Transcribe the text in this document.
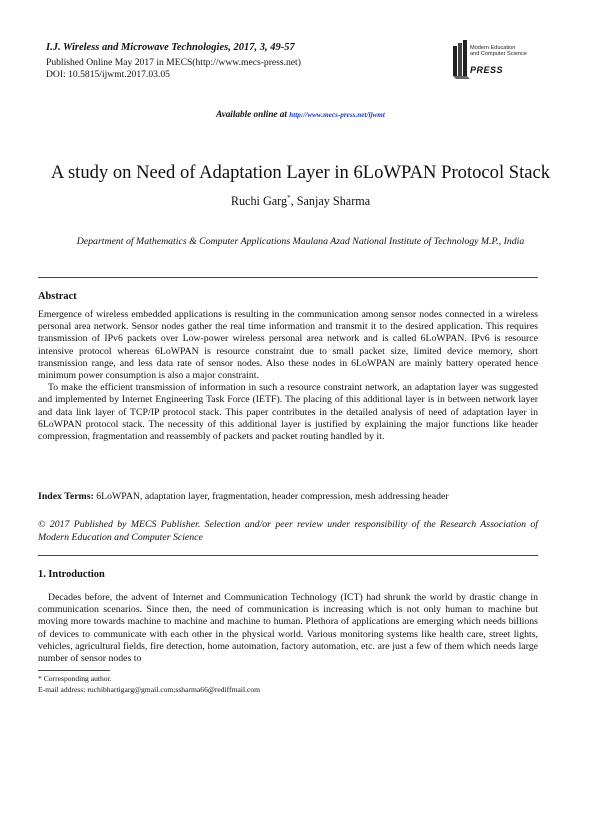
I.J. Wireless and Microwave Technologies, 2017, 3, 49-57
Published Online May 2017 in MECS(http://www.mecs-press.net)
DOI: 10.5815/ijwmt.2017.03.05
Modern Education
and Computer Science
PRESS
Available online at http://www.mecs-press.net/ijwmt
A study on Need of Adaptation Layer in 6LoWPAN Protocol Stack
Ruchi Garg*, Sanjay Sharma
Department of Mathematics & Computer Applications Maulana Azad National Institute of Technology M.P., India
Abstract

Emergence of wireless embedded applications is resulting in the communication among sensor nodes connected in a wireless personal area network. Sensor nodes gather the real time information and transmit it to the desired application. This requires transmission of IPv6 packets over Low-power wireless personal area network and is called 6LoWPAN. IPv6 is resource intensive protocol whereas 6LoWPAN is resource constraint due to small packet size, limited device memory, short transmission range, and less data rate of sensor nodes. Also these nodes in 6LoWPAN are mainly battery operated hence minimum power consumption is also a major constraint.

To make the efficient transmission of information in such a resource constraint network, an adaptation layer was suggested and implemented by Internet Engineering Task Force (IETF). The placing of this additional layer is in between network layer and data link layer of TCP/IP protocol stack. This paper contributes in the detailed analysis of need of adaptation layer in 6LoWPAN protocol stack. The necessity of this additional layer is justified by explaining the major functions like header compression, fragmentation and reassembly of packets and packet routing handled by it.

Index Terms: 6LoWPAN, adaptation layer, fragmentation, header compression, mesh addressing header
© 2017 Published by MECS Publisher. Selection and/or peer review under responsibility of the Research Association of Modern Education and Computer Science
1. Introduction

Decades before, the advent of Internet and Communication Technology (ICT) had shrunk the world by drastic change in communication scenarios. Since then, the need of communication is increasing which is not only human to machine but moving more towards machine to machine and machine to human. Plethora of applications are emerging which needs billions of devices to communicate with each other in the physical world. Various monitoring systems like health care, street lights, vehicles, agricultural fields, fire detection, home automation, factory automation, etc. are just a few of them which needs large number of sensor nodes to

* Corresponding author.
E-mail address: ruchibhartigarg@gmail.com;ssharma66@rediffmail.com
